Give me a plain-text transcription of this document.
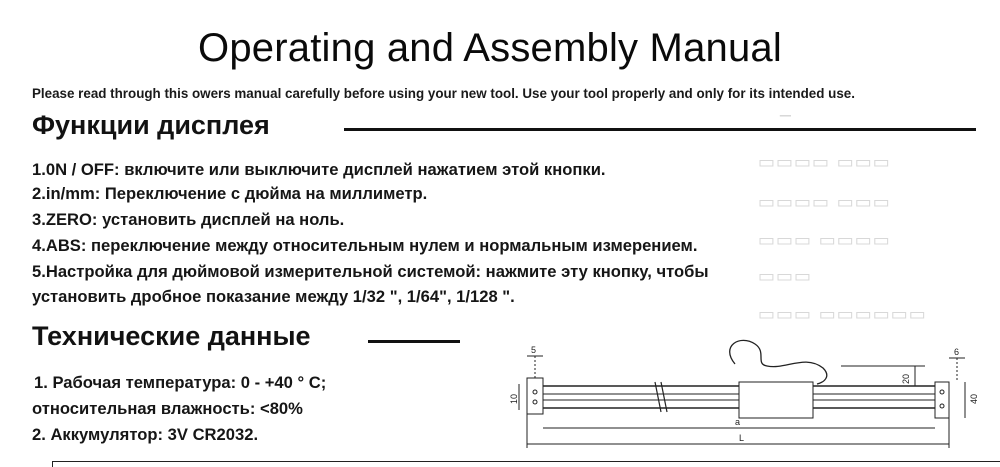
─
▭▭▭▭ ▭▭▭
▭▭▭▭ ▭▭▭
▭▭▭ ▭▭▭▭
▭▭▭
▭▭▭ ▭▭▭▭▭▭
Operating and Assembly Manual
Please read through this owers manual carefully before using your new tool. Use your tool properly and only for its intended use.
Функции дисплея
1.0N / OFF: включите или выключите дисплей нажатием этой кнопки.
2.in/mm: Переключение с дюйма на миллиметр.
3.ZERO: установить дисплей на ноль.
4.ABS: переключение между относительным нулем и нормальным измерением.
5.Настройка для дюймовой измерительной системой: нажмите эту кнопку, чтобы
установить дробное показание между 1/32 ", 1/64", 1/128 ".
Технические данные
1. Рабочая температура: 0 - +40 ° C;
относительная влажность: <80%
2. Аккумулятор: 3V CR2032.
5	6
10
20
40
a
L
